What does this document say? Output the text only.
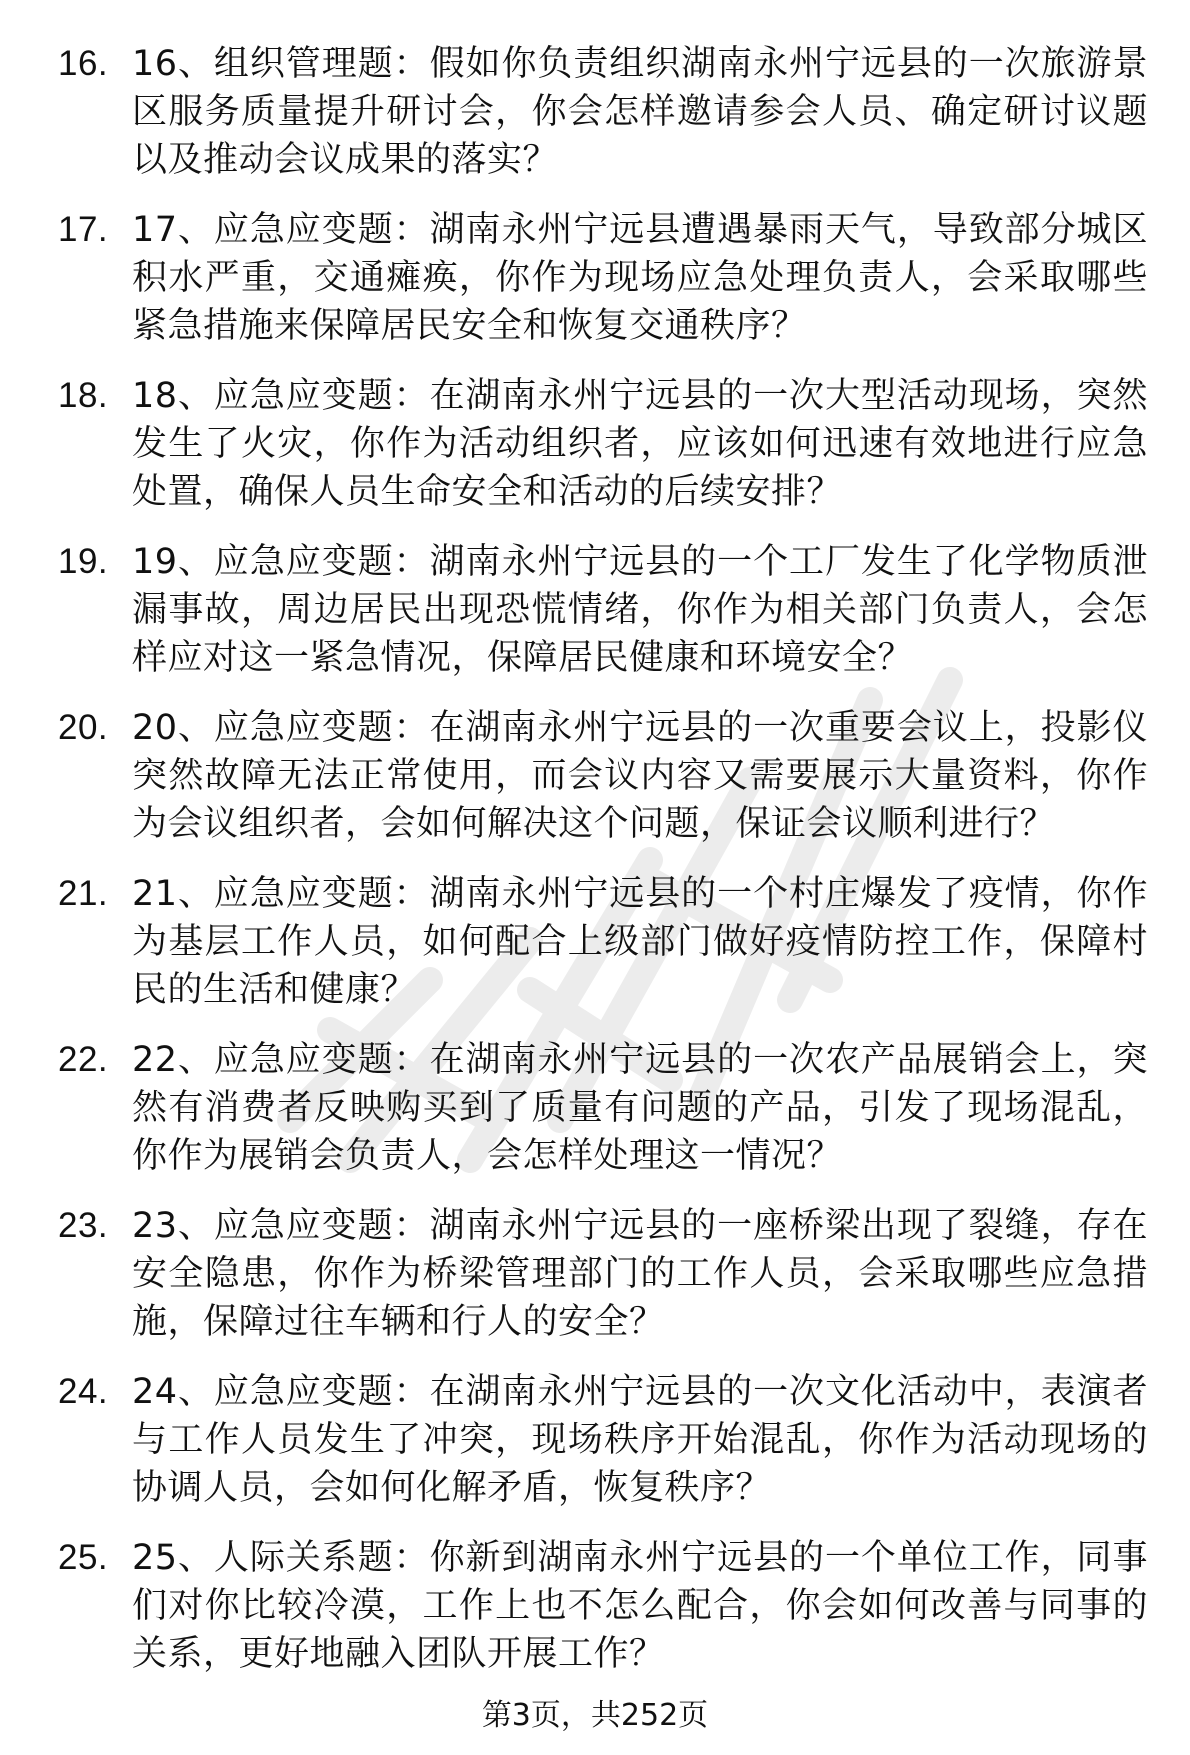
16. 16、组织管理题：假如你负责组织湖南永州宁远县的一次旅游景区服务质量提升研讨会，你会怎样邀请参会人员、确定研讨议题以及推动会议成果的落实？
17. 17、应急应变题：湖南永州宁远县遭遇暴雨天气，导致部分城区积水严重，交通瘫痪，你作为现场应急处理负责人，会采取哪些紧急措施来保障居民安全和恢复交通秩序？
18. 18、应急应变题：在湖南永州宁远县的一次大型活动现场，突然发生了火灾，你作为活动组织者，应该如何迅速有效地进行应急处置，确保人员生命安全和活动的后续安排？
19. 19、应急应变题：湖南永州宁远县的一个工厂发生了化学物质泄漏事故，周边居民出现恐慌情绪，你作为相关部门负责人，会怎样应对这一紧急情况，保障居民健康和环境安全？
20. 20、应急应变题：在湖南永州宁远县的一次重要会议上，投影仪突然故障无法正常使用，而会议内容又需要展示大量资料，你作为会议组织者，会如何解决这个问题，保证会议顺利进行？
21. 21、应急应变题：湖南永州宁远县的一个村庄爆发了疫情，你作为基层工作人员，如何配合上级部门做好疫情防控工作，保障村民的生活和健康？
22. 22、应急应变题：在湖南永州宁远县的一次农产品展销会上，突然有消费者反映购买到了质量有问题的产品，引发了现场混乱，你作为展销会负责人，会怎样处理这一情况？
23. 23、应急应变题：湖南永州宁远县的一座桥梁出现了裂缝，存在安全隐患，你作为桥梁管理部门的工作人员，会采取哪些应急措施，保障过往车辆和行人的安全？
24. 24、应急应变题：在湖南永州宁远县的一次文化活动中，表演者与工作人员发生了冲突，现场秩序开始混乱，你作为活动现场的协调人员，会如何化解矛盾，恢复秩序？
25. 25、人际关系题：你新到湖南永州宁远县的一个单位工作，同事们对你比较冷漠，工作上也不怎么配合，你会如何改善与同事的关系，更好地融入团队开展工作？
第3页，共252页
